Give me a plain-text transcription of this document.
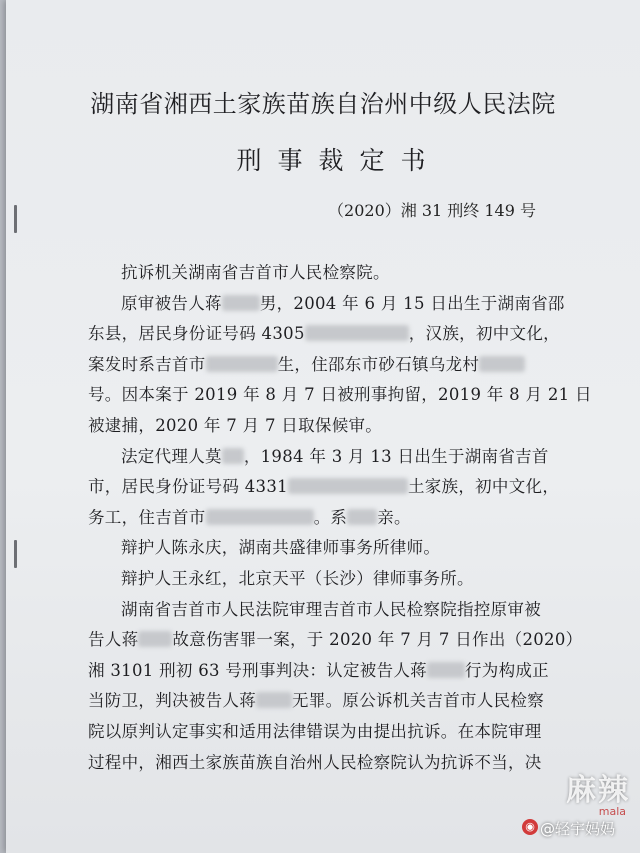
湖南省湘西土家族苗族自治州中级人民法院
刑事裁定书
（2020）湘 31 刑终 149 号
抗诉机关湖南省吉首市人民检察院。
原审被告人蒋 男，2004 年 6 月 15 日出生于湖南省邵
东县，居民身份证号码 4305	，汉族，初中文化，
案发时系吉首市	生，住邵东市砂石镇乌龙村
号。因本案于 2019 年 8 月 7 日被刑事拘留，2019 年 8 月 21 日
被逮捕，2020 年 7 月 7 日取保候审。
法定代理人莫 ，1984 年 3 月 13 日出生于湖南省吉首
市，居民身份证号码 4331	土家族，初中文化，
务工，住吉首市	。系 亲。
辩护人陈永庆，湖南共盛律师事务所律师。
辩护人王永红，北京天平（长沙）律师事务所。
湖南省吉首市人民法院审理吉首市人民检察院指控原审被
告人蒋 故意伤害罪一案，于 2020 年 7 月 7 日作出（2020）
湘 3101 刑初 63 号刑事判决：认定被告人蒋 行为构成正
当防卫，判决被告人蒋 无罪。原公诉机关吉首市人民检察
院以原判认定事实和适用法律错误为由提出抗诉。在本院审理
过程中，湘西土家族苗族自治州人民检察院认为抗诉不当，决
麻辣
mala
◉ @轻宇妈妈
